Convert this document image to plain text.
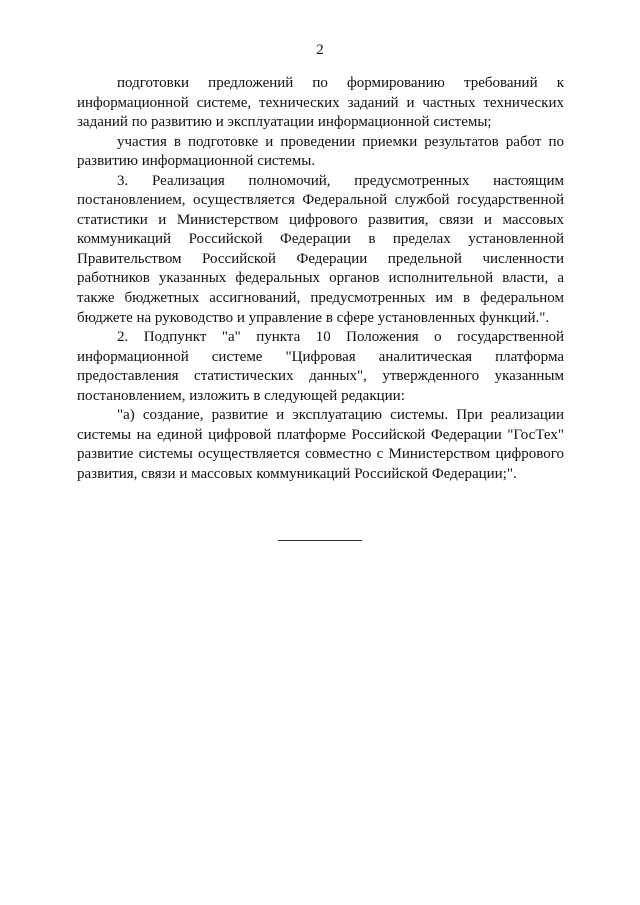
2

подготовки предложений по формированию требований к информационной системе, технических заданий и частных технических заданий по развитию и эксплуатации информационной системы;

участия в подготовке и проведении приемки результатов работ по развитию информационной системы.

3. Реализация полномочий, предусмотренных настоящим постановлением, осуществляется Федеральной службой государственной статистики и Министерством цифрового развития, связи и массовых коммуникаций Российской Федерации в пределах установленной Правительством Российской Федерации предельной численности работников указанных федеральных органов исполнительной власти, а также бюджетных ассигнований, предусмотренных им в федеральном бюджете на руководство и управление в сфере установленных функций.".

2. Подпункт "а" пункта 10 Положения о государственной информационной системе "Цифровая аналитическая платформа предоставления статистических данных", утвержденного указанным постановлением, изложить в следующей редакции:

"а) создание, развитие и эксплуатацию системы. При реализации системы на единой цифровой платформе Российской Федерации "ГосТех" развитие системы осуществляется совместно с Министерством цифрового развития, связи и массовых коммуникаций Российской Федерации;".
